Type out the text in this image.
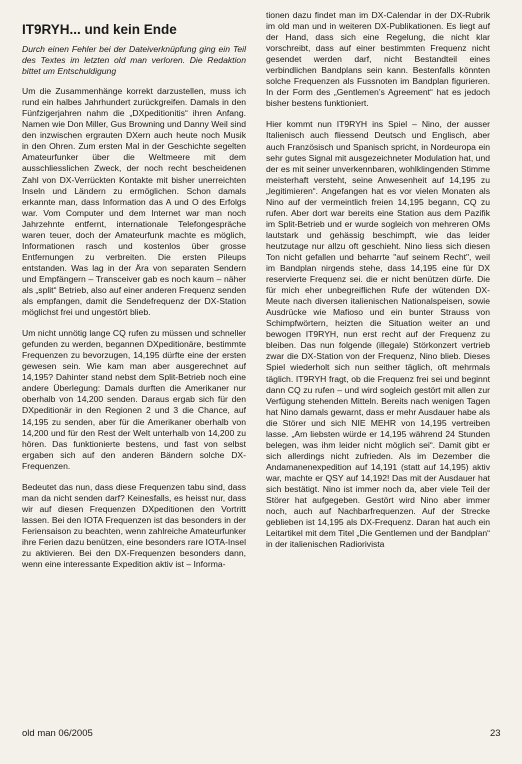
IT9RYH... und kein Ende

Durch einen Fehler bei der Dateiverknüpfung ging ein Teil des Textes im letzten old man verloren. Die Redaktion bittet um Entschuldigung

Um die Zusammenhänge korrekt darzustellen, muss ich rund ein halbes Jahrhundert zurückgreifen. Damals in den Fünfzigerjahren nahm die „DXpeditionitis“ ihren Anfang. Namen wie Don Miller, Gus Browning und Danny Weil sind den inzwischen ergrauten DXern auch heute noch Musik in den Ohren. Zum ersten Mal in der Geschichte segelten Amateurfunker über die Weltmeere mit dem ausschliesslichen Zweck, der noch recht bescheidenen Zahl von DX-Verrückten Kontakte mit bisher unerreichten Inseln und Ländern zu ermöglichen. Schon damals erkannte man, dass Information das A und O des Erfolgs war. Vom Computer und dem Internet war man noch Jahrzehnte entfernt, internationale Telefongespräche waren teuer, doch der Amateurfunk machte es möglich, Informationen rasch und kostenlos über grosse Entfernungen zu verbreiten. Die ersten Pileups entstanden. Was lag in der Ära von separaten Sendern und Empfängern – Transceiver gab es noch kaum – näher als „split“ Betrieb, also auf einer anderen Frequenz senden als empfangen, damit die Sendefrequenz der DX-Station möglichst frei und ungestört blieb.

Um nicht unnötig lange CQ rufen zu müssen und schneller gefunden zu werden, begannen DXpeditionäre, bestimmte Frequenzen zu bevorzugen, 14,195 dürfte eine der ersten gewesen sein. Wie kam man aber ausgerechnet auf 14,195? Dahinter stand nebst dem Split-Betrieb noch eine andere Überlegung: Damals durften die Amerikaner nur oberhalb von 14,200 senden. Daraus ergab sich für den DXpeditionär in den Regionen 2 und 3 die Chance, auf 14,195 zu senden, aber für die Amerikaner oberhalb von 14,200 und für den Rest der Welt unterhalb von 14,200 zu hören. Das funktionierte bestens, und fast von selbst ergaben sich auf den anderen Bändern solche DX-Frequenzen.

Bedeutet das nun, dass diese Frequenzen tabu sind, dass man da nicht senden darf? Keinesfalls, es heisst nur, dass wir auf diesen Frequenzen DXpeditionen den Vortritt lassen. Bei den IOTA Frequenzen ist das besonders in der Feriensaison zu beachten, wenn zahlreiche Amateurfunker ihre Ferien dazu benützen, eine besonders rare IOTA-Insel zu aktivieren. Bei den DX-Frequenzen besonders dann, wenn eine interessante Expedition aktiv ist – Informa-

tionen dazu findet man im DX-Calendar in der DX-Rubrik im old man und in weiteren DX-Publikationen. Es liegt auf der Hand, dass sich eine Regelung, die nicht klar vorschreibt, dass auf einer bestimmten Frequenz nicht gesendet werden darf, nicht Bestandteil eines verbindlichen Bandplans sein kann. Bestenfalls könnten solche Frequenzen als Fussnoten im Bandplan figurieren. In der Form des „Gentlemen’s Agreement“ hat es jedoch bisher bestens funktioniert.

Hier kommt nun IT9RYH ins Spiel – Nino, der ausser Italienisch auch fliessend Deutsch und Englisch, aber auch Französisch und Spanisch spricht, in Nordeuropa ein sehr gutes Signal mit ausgezeichneter Modulation hat, und der es mit seiner unverkennbaren, wohlklingenden Stimme meisterhaft versteht, seine Anwesenheit auf 14,195 zu „legitimieren“. Angefangen hat es vor vielen Monaten als Nino auf der vermeintlich freien 14,195 begann, CQ zu rufen. Aber dort war bereits eine Station aus dem Pazifik im Split-Betrieb und er wurde sogleich von mehreren OMs lautstark und gehässig beschimpft, wie das leider heutzutage nur allzu oft geschieht. Nino liess sich diesen Ton nicht gefallen und beharrte "auf seinem Recht", weil im Bandplan nirgends stehe, dass 14,195 eine für DX reservierte Frequenz sei. die er nicht benützen dürfe. Die für mich eher unbegreiflichen Rufe der wütenden DX-Meute nach diversen italienischen Nationalspeisen, sowie Ausdrücke wie Mafioso und ein bunter Strauss von Schimpfwörtern, heizten die Situation weiter an und bewogen IT9RYH, nun erst recht auf der Frequenz zu bleiben. Das nun folgende (illegale) Störkonzert vertrieb zwar die DX-Station von der Frequenz, Nino blieb. Dieses Spiel wiederholt sich nun seither täglich, oft mehrmals täglich. IT9RYH fragt, ob die Frequenz frei sei und beginnt dann CQ zu rufen – und wird sogleich gestört mit allen zur Verfügung stehenden Mitteln. Bereits nach wenigen Tagen hat Nino damals gewarnt, dass er mehr Ausdauer habe als die Störer und sich NIE MEHR von 14,195 vertreiben lasse. „Am liebsten würde er 14,195 während 24 Stunden belegen, was ihm leider nicht möglich sei“. Damit gibt er sich allerdings nicht zufrieden. Als im Dezember die Andamanenexpedition auf 14,191 (statt auf 14,195) aktiv war, machte er QSY auf 14,192! Das mit der Ausdauer hat sich bestätigt. Nino ist immer noch da, aber viele Teil der Störer hat aufgegeben. Gestört wird Nino aber immer noch, auch auf Nachbarfrequenzen. Auf der Strecke geblieben ist 14,195 als DX-Frequenz. Daran hat auch ein Leitartikel mit dem Titel „Die Gentlemen und der Bandplan“ in der italienischen Radiorivista

old man 06/2005	23
